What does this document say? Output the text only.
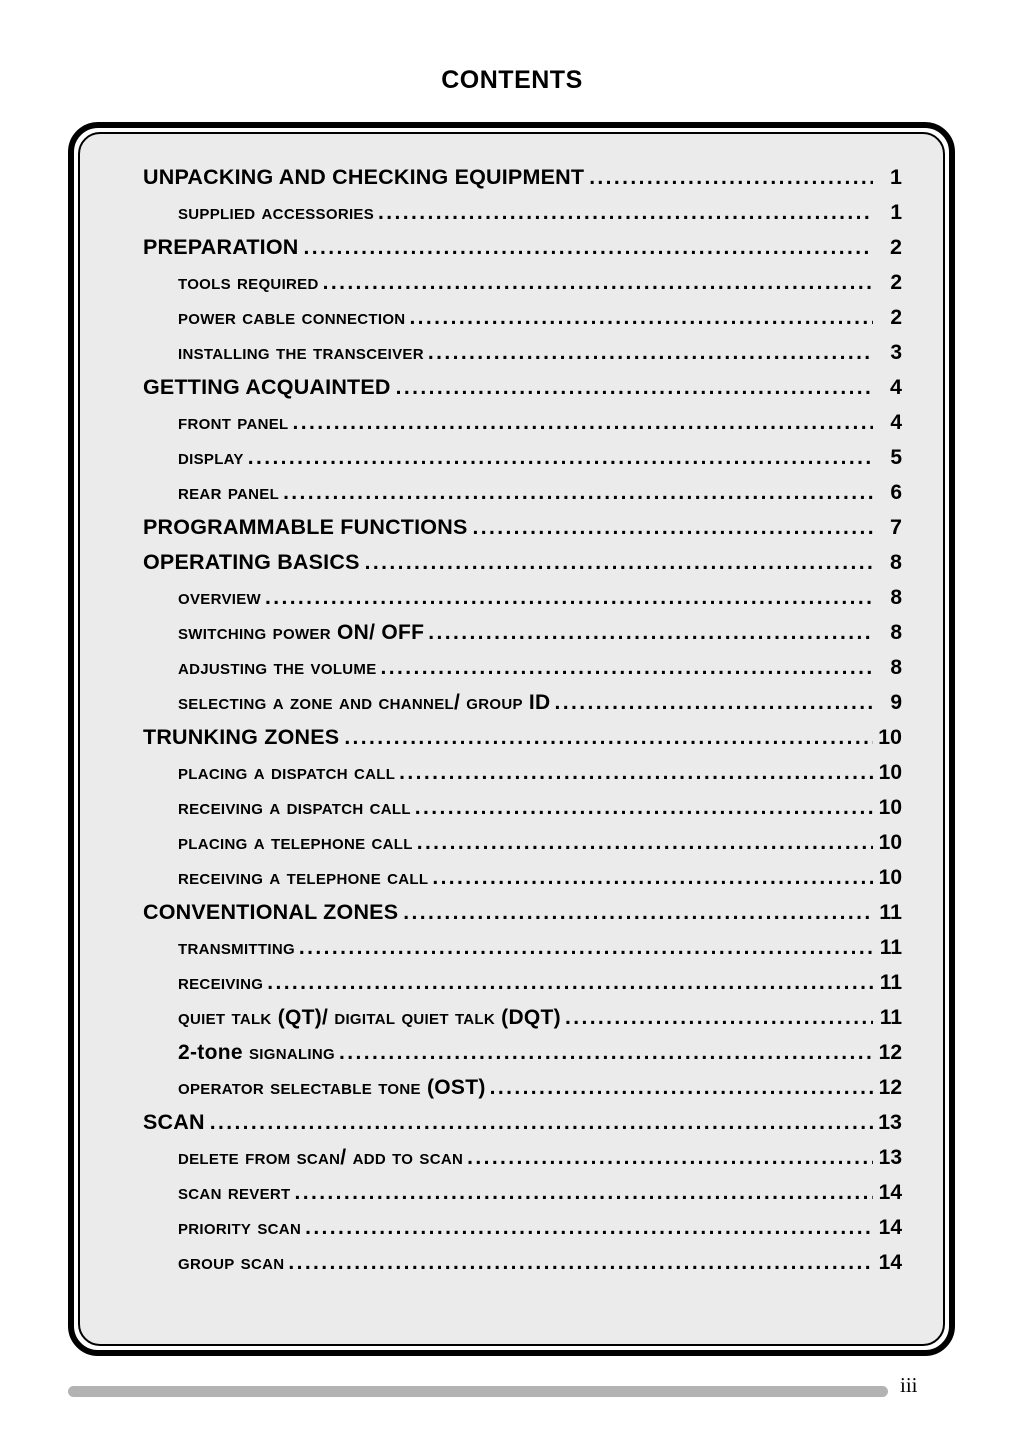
CONTENTS
UNPACKING AND CHECKING EQUIPMENT .....	1
supplied accessories .....	1
PREPARATION .....	2
tools required .....	2
power cable connection .....	2
installing the transceiver .....	3
GETTING ACQUAINTED .....	4
front panel .....	4
display .....	5
rear panel .....	6
PROGRAMMABLE FUNCTIONS .....	7
OPERATING BASICS .....	8
overview .....	8
switching power ON/ OFF .....	8
adjusting the volume .....	8
selecting a zone and channel/ group ID .....	9
TRUNKING ZONES .....	10
placing a dispatch call .....	10
receiving a dispatch call .....	10
placing a telephone call .....	10
receiving a telephone call .....	10
CONVENTIONAL ZONES .....	11
transmitting .....	11
receiving .....	11
quiet talk (QT)/ digital quiet talk (DQT) .....	11
2-tone signaling .....	12
operator selectable tone (OST) .....	12
SCAN .....	13
delete from scan/ add to scan .....	13
scan revert .....	14
priority scan .....	14
group scan .....	14
iii
